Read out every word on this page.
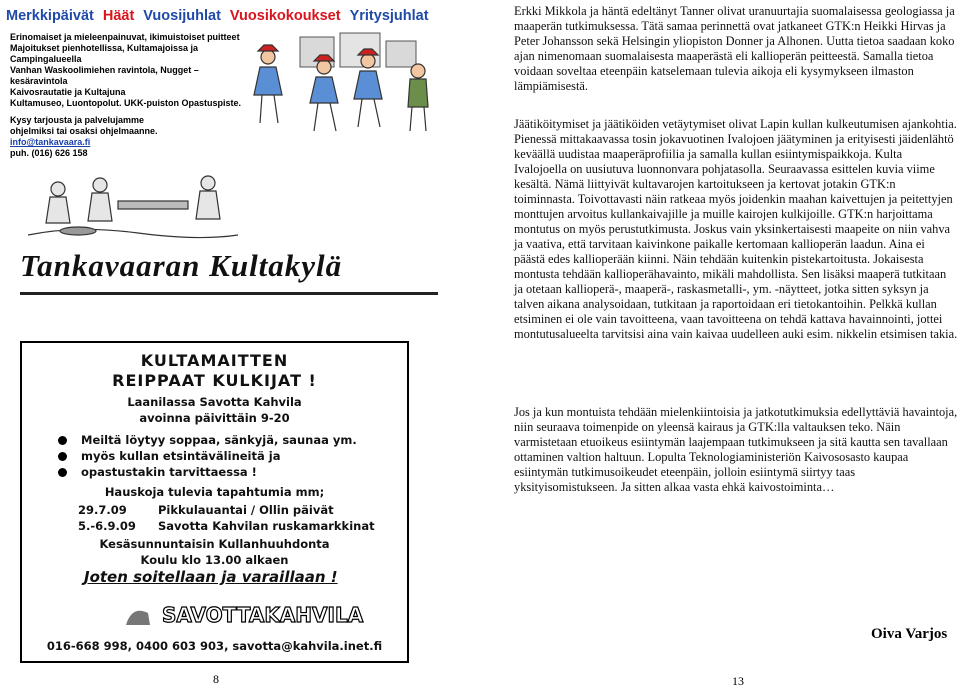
Merkkipäivät Häät Vuosijuhlat Vuosikokoukset Yritysjuhlat
Erinomaiset ja mieleenpainuvat, ikimuistoiset puitteet
Majoitukset pienhotellissa, Kultamajoissa ja
Campingalueella
Vanhan Waskoolimiehen ravintola, Nugget –
kesäravintola
Kaivosrautatie ja Kultajuna
Kultamuseo, Luontopolut. UKK-puiston Opastuspiste.
Kysy tarjousta ja palvelujamme
ohjelmiksi tai osaksi ohjelmaanne.
info@tankavaara.fi
puh. (016) 626 158
Tankavaaran Kultakylä
KULTAMAITTEN
REIPPAAT KULKIJAT !
Laanilassa Savotta Kahvila
avoinna päivittäin 9-20
Meiltä löytyy soppaa, sänkyjä, saunaa ym.
myös kullan etsintävälineitä ja
opastustakin tarvittaessa !
Hauskoja tulevia tapahtumia mm;
29.7.09	Pikkulauantai / Ollin päivät
5.-6.9.09 Savotta Kahvilan ruskamarkkinat
Kesäsunnuntaisin Kullanhuuhdonta
Koulu klo 13.00 alkaen
Joten soitellaan ja varaillaan !
SAVOTTAKAHVILA
016-668 998, 0400 603 903, savotta@kahvila.inet.fi
8

Erkki Mikkola ja häntä edeltänyt Tanner olivat uranuurtajia suomalaisessa geologiassa ja maaperän tutkimuksessa. Tätä samaa perinnettä ovat jatkaneet GTK:n Heikki Hirvas ja Peter Johansson sekä Helsingin yliopiston Donner ja Alhonen. Uutta tietoa saadaan koko ajan nimenomaan suomalaisesta maaperästä eli kallioperän peitteestä. Samalla tietoa voidaan soveltaa eteenpäin katselemaan tulevia aikoja eli kysymykseen ilmaston lämpiämisestä.

Jäätiköitymiset ja jäätiköiden vetäytymiset olivat Lapin kullan kulkeutumisen ajankohtia. Pienessä mittakaavassa tosin jokavuotinen Ivalojoen jäätyminen ja erityisesti jäidenlähtö keväällä uudistaa maaperäprofiilia ja samalla kullan esiintymispaikkoja. Kulta Ivalojoella on uusiutuva luonnonvara pohjatasolla. Seuraavassa esittelen kuvia viime kesältä. Nämä liittyivät kultavarojen kartoitukseen ja kertovat jotakin GTK:n toiminnasta. Toivottavasti näin ratkeaa myös joidenkin maahan kaivettujen ja peitettyjen monttujen arvoitus kullankaivajille ja muille kairojen kulkijoille. GTK:n harjoittama montutus on myös perustutkimusta. Joskus vain yksinkertaisesti maapeite on niin vahva ja vaativa, että tarvitaan kaivinkone paikalle kertomaan kallioperän laadun. Aina ei päästä edes kallioperään kiinni. Näin tehdään kuitenkin pistekartoitusta. Jokaisesta montusta tehdään kallioperähavainto, mikäli mahdollista. Sen lisäksi maaperä tutkitaan ja otetaan kallioperä-, maaperä-, raskasmetalli-, ym. -näytteet, jotka sitten syksyn ja talven aikana analysoidaan, tutkitaan ja raportoidaan eri tietokantoihin. Pelkkä kullan etsiminen ei ole vain tavoitteena, vaan tavoitteena on tehdä kattava havainnointi, jottei montutusalueelta tarvitsisi aina vain kaivaa uudelleen auki esim. nikkelin etsimisen takia.

Jos ja kun montuista tehdään mielenkiintoisia ja jatkotutkimuksia edellyttäviä havaintoja, niin seuraava toimenpide on yleensä kairaus ja GTK:lla valtauksen teko. Näin varmistetaan etuoikeus esiintymän laajempaan tutkimukseen ja sitä kautta sen tavallaan ottaminen valtion haltuun. Lopulta Teknologiaministeriön Kaivososasto kaupaa esiintymän tutkimusoikeudet eteenpäin, jolloin esiintymä siirtyy taas yksityisomistukseen. Ja sitten alkaa vasta ehkä kaivostoiminta…

Oiva Varjos
13
